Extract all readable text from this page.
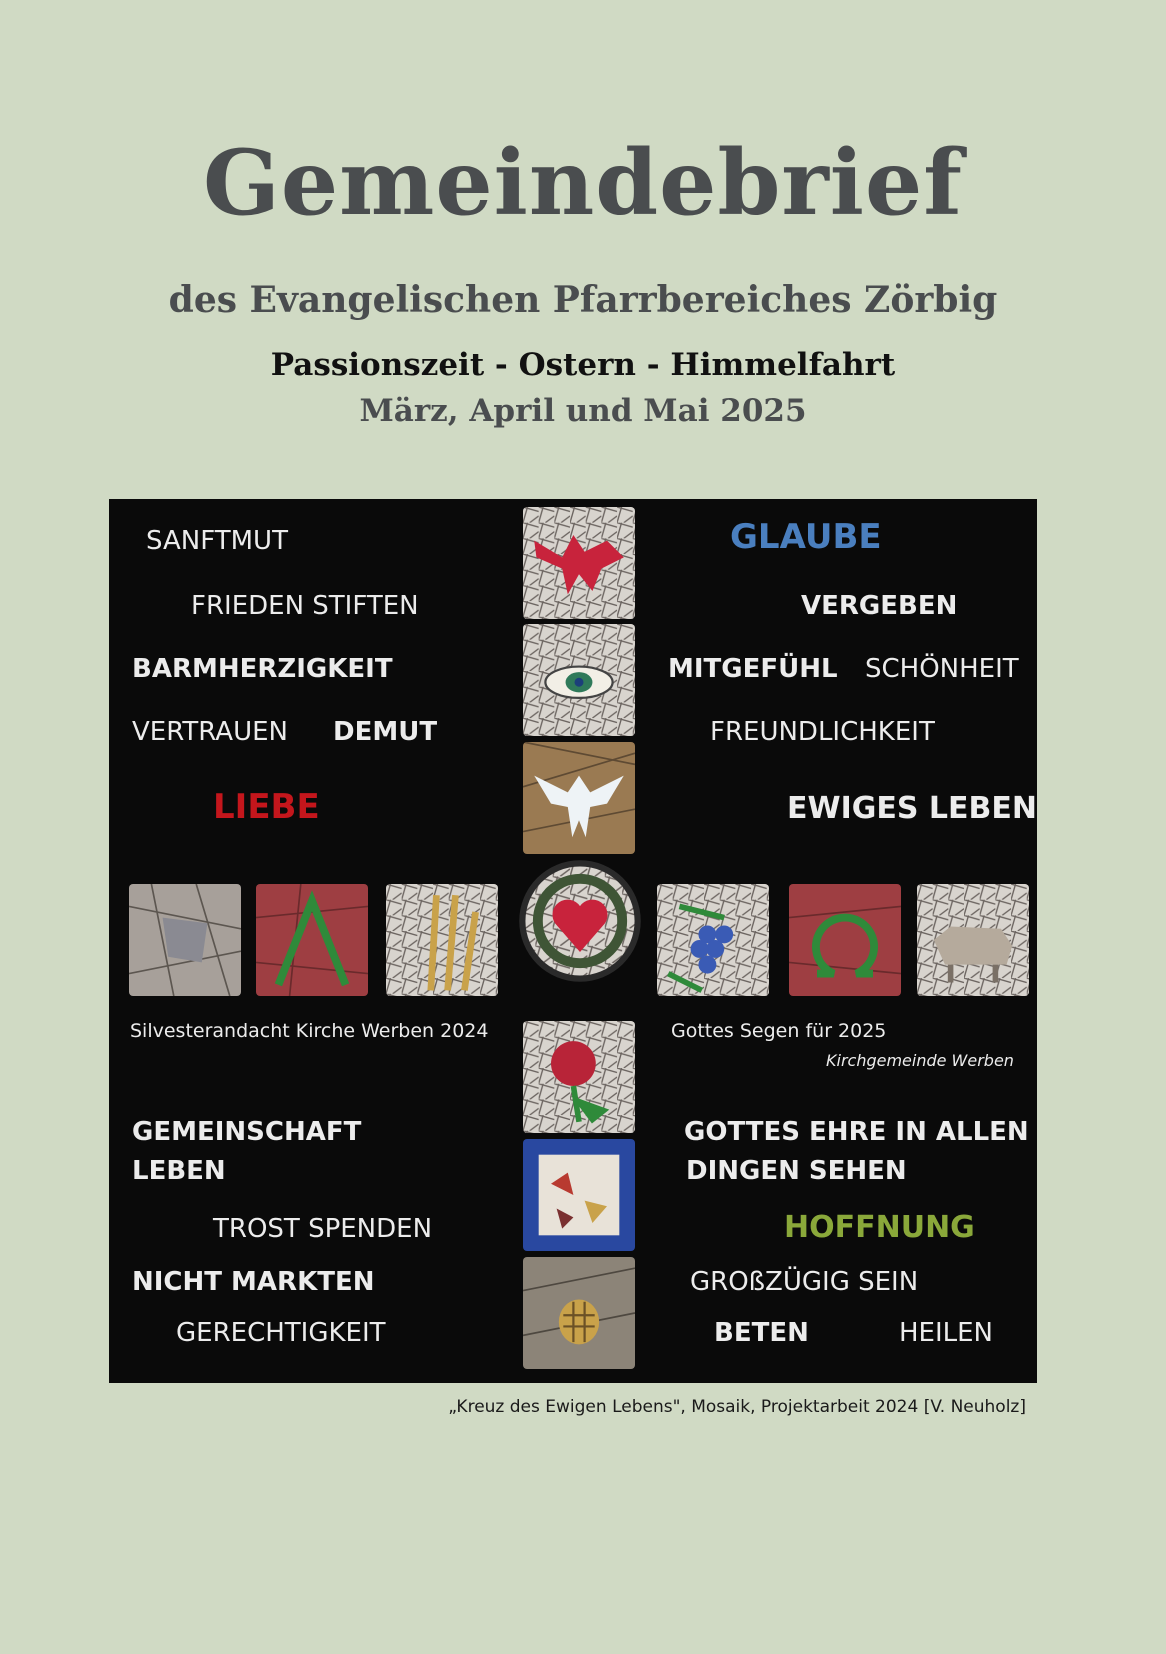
Gemeindebrief
des Evangelischen Pfarrbereiches Zörbig
Passionszeit - Ostern - Himmelfahrt
März, April und Mai 2025
SANFTMUT
FRIEDEN STIFTEN
BARMHERZIGKEIT
VERTRAUEN DEMUT
LIEBE
Silvesterandacht Kirche Werben 2024
GEMEINSCHAFT
LEBEN
TROST SPENDEN
NICHT MARKTEN
GERECHTIGKEIT
GLAUBE
VERGEBEN
MITGEFÜHL SCHÖNHEIT
FREUNDLICHKEIT
EWIGES LEBEN
Gottes Segen für 2025
Kirchgemeinde Werben
GOTTES EHRE IN ALLEN
DINGEN SEHEN
HOFFNUNG
GROßZÜGIG SEIN
BETEN	HEILEN
„Kreuz des Ewigen Lebens", Mosaik, Projektarbeit 2024 [V. Neuholz]
